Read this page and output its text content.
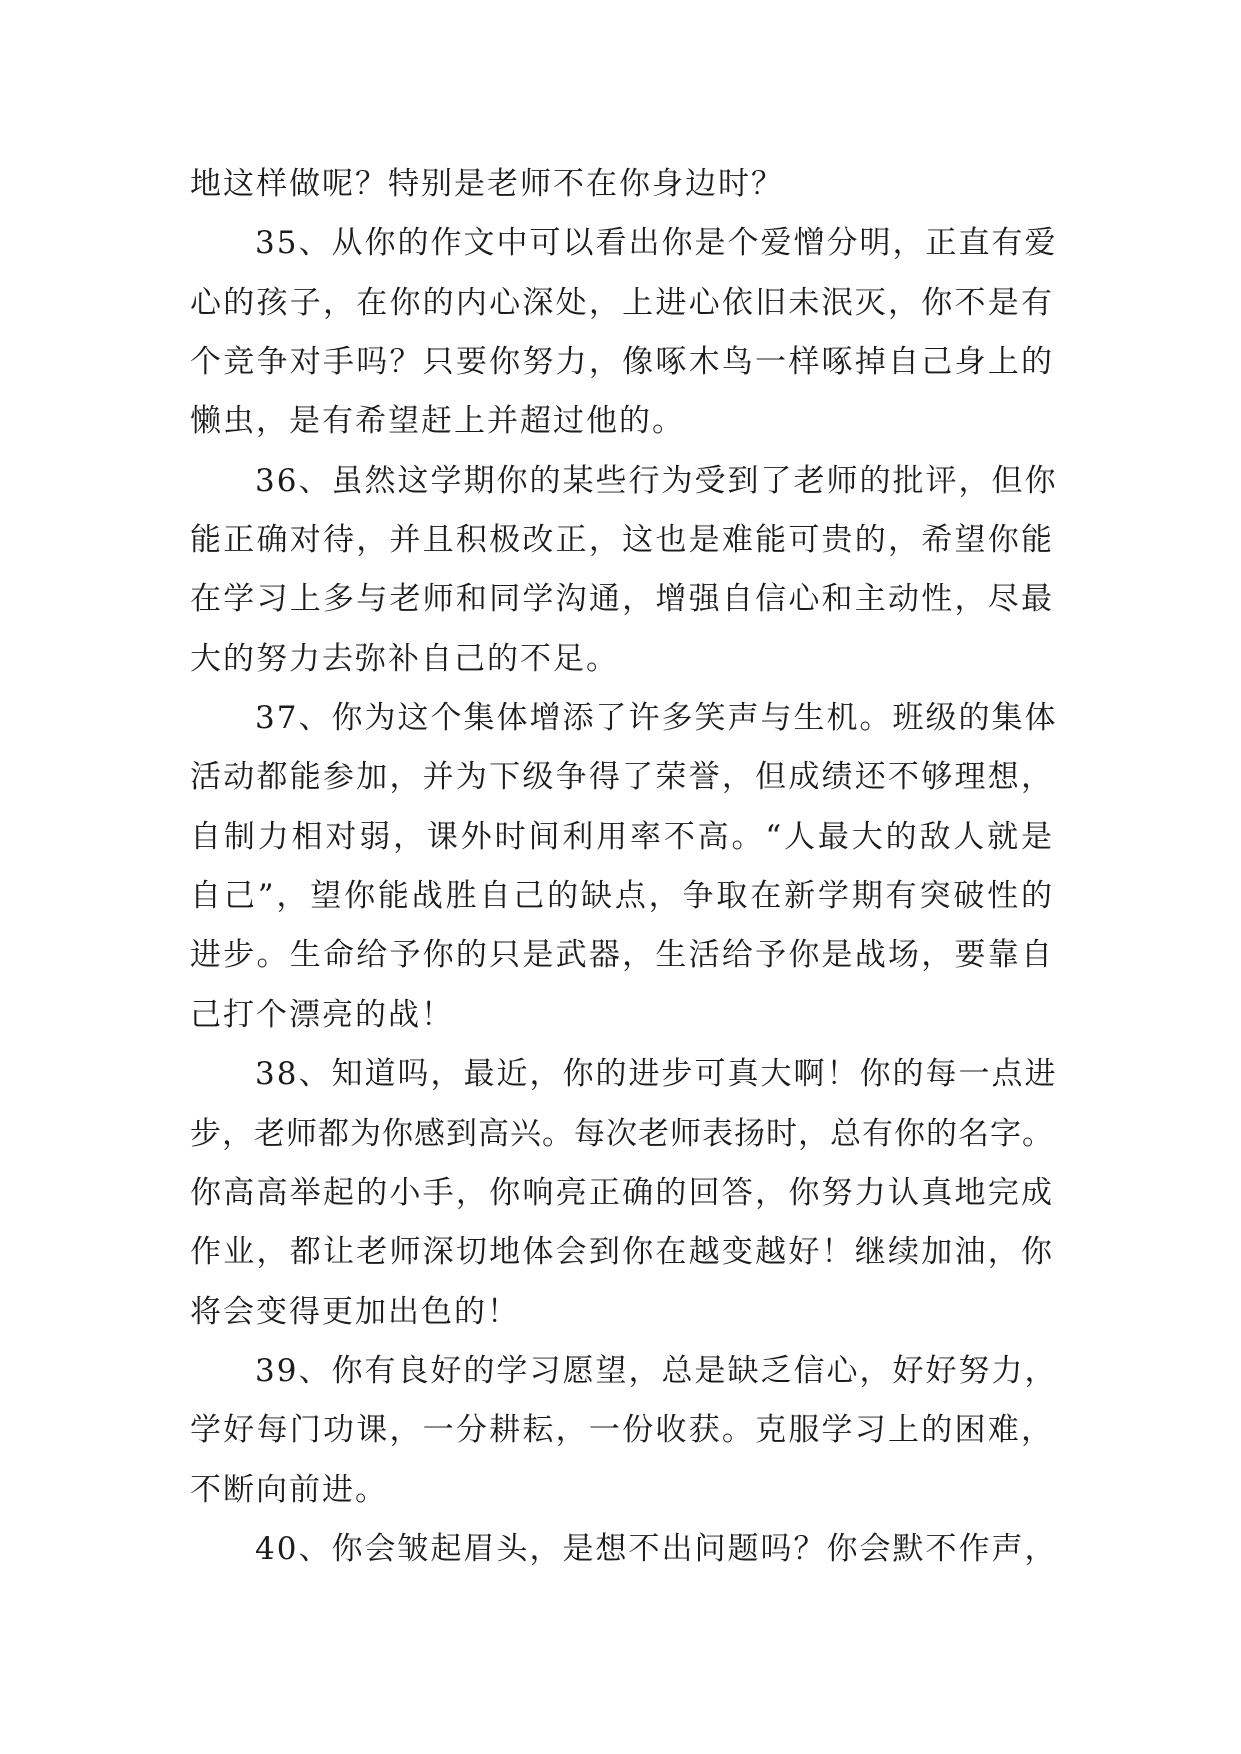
地这样做呢？特别是老师不在你身边时？
35、从你的作文中可以看出你是个爱憎分明，正直有爱
心的孩子，在你的内心深处，上进心依旧未泯灭，你不是有
个竞争对手吗？只要你努力，像啄木鸟一样啄掉自己身上的
懒虫，是有希望赶上并超过他的。
36、虽然这学期你的某些行为受到了老师的批评，但你
能正确对待，并且积极改正，这也是难能可贵的，希望你能
在学习上多与老师和同学沟通，增强自信心和主动性，尽最
大的努力去弥补自己的不足。
37、你为这个集体增添了许多笑声与生机。班级的集体
活动都能参加，并为下级争得了荣誉，但成绩还不够理想，
自制力相对弱，课外时间利用率不高。“人最大的敌人就是
自己”，望你能战胜自己的缺点，争取在新学期有突破性的
进步。生命给予你的只是武器，生活给予你是战场，要靠自
己打个漂亮的战！
38、知道吗，最近，你的进步可真大啊！你的每一点进
步，老师都为你感到高兴。每次老师表扬时，总有你的名字。
你高高举起的小手，你响亮正确的回答，你努力认真地完成
作业，都让老师深切地体会到你在越变越好！继续加油，你
将会变得更加出色的！
39、你有良好的学习愿望，总是缺乏信心，好好努力，
学好每门功课，一分耕耘，一份收获。克服学习上的困难，
不断向前进。
40、你会皱起眉头，是想不出问题吗？你会默不作声，
